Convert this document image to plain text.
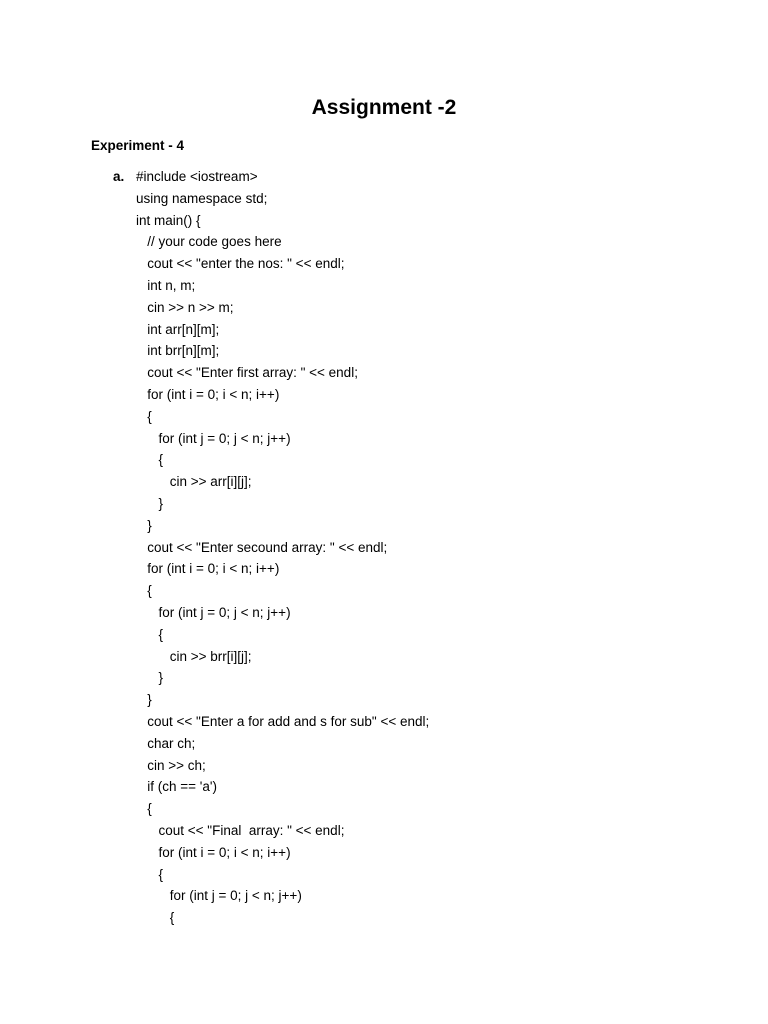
Assignment -2
Experiment - 4
a. #include <iostream>
using namespace std;
int main() {
// your code goes here
cout << "enter the nos: " << endl;
int n, m;
cin >> n >> m;
int arr[n][m];
int brr[n][m];
cout << "Enter first array: " << endl;
for (int i = 0; i < n; i++)
{
for (int j = 0; j < n; j++)
{
cin >> arr[i][j];
}
}
cout << "Enter secound array: " << endl;
for (int i = 0; i < n; i++)
{
for (int j = 0; j < n; j++)
{
cin >> brr[i][j];
}
}
cout << "Enter a for add and s for sub" << endl;
char ch;
cin >> ch;
if (ch == 'a')
{
cout << "Final  array: " << endl;
for (int i = 0; i < n; i++)
{
for (int j = 0; j < n; j++)
{
